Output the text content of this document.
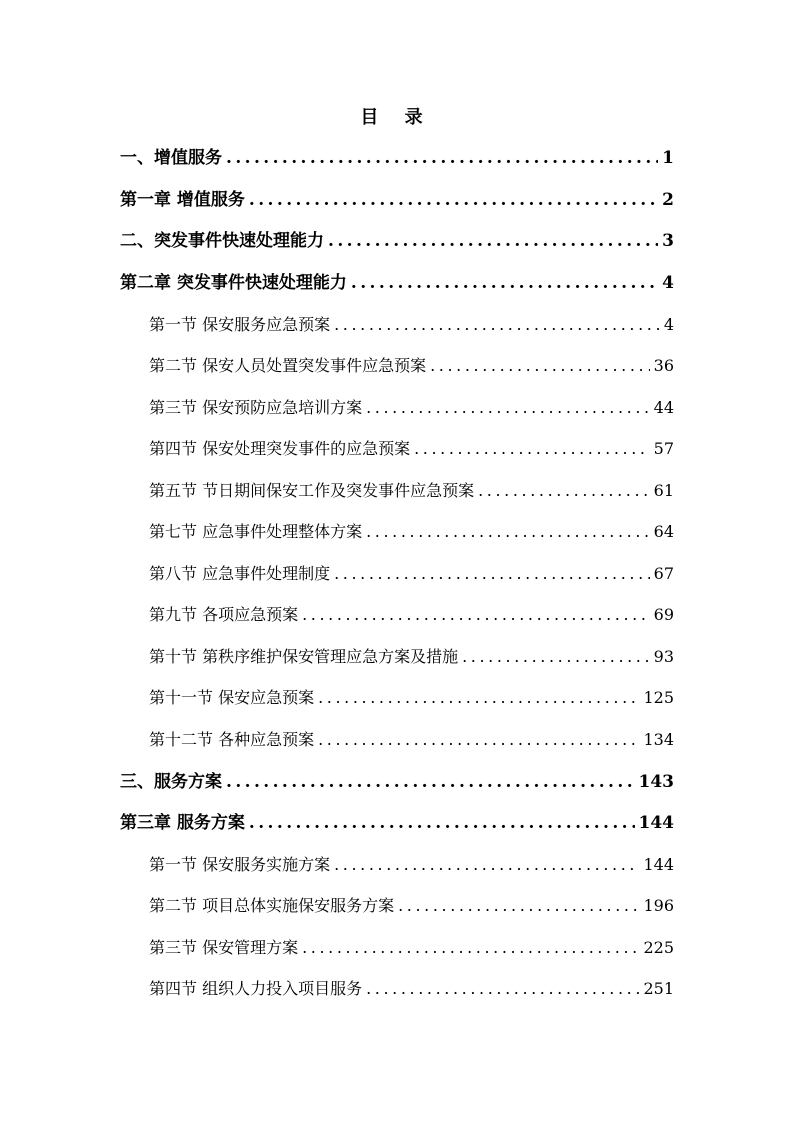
目 录
一、增值服务 .....	1
第一章 增值服务 .....	2
二、突发事件快速处理能力 .....	3
第二章 突发事件快速处理能力 .....	4
第一节 保安服务应急预案 .....	4
第二节 保安人员处置突发事件应急预案 .....	36
第三节 保安预防应急培训方案 .....	44
第四节 保安处理突发事件的应急预案 .....	57
第五节 节日期间保安工作及突发事件应急预案 .....	61
第七节 应急事件处理整体方案 .....	64
第八节 应急事件处理制度 .....	67
第九节 各项应急预案 .....	69
第十节 第秩序维护保安管理应急方案及措施 .....	93
第十一节 保安应急预案 .....	125
第十二节 各种应急预案 .....	134
三、服务方案 .....	143
第三章 服务方案 .....	144
第一节 保安服务实施方案 .....	144
第二节 项目总体实施保安服务方案 .....	196
第三节 保安管理方案 .....	225
第四节 组织人力投入项目服务 .....	251
